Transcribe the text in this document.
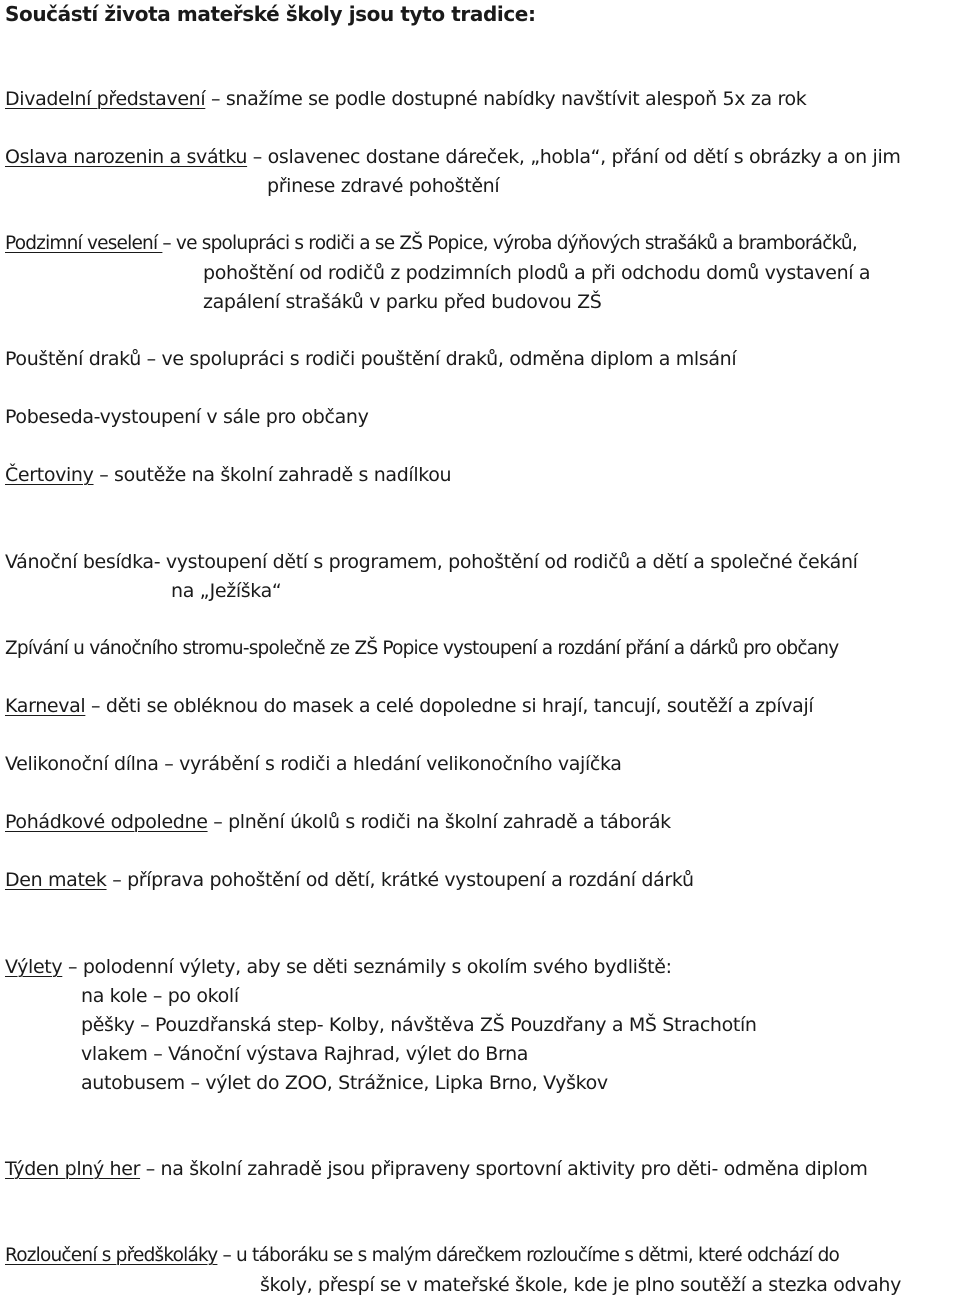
Součástí života mateřské školy jsou tyto tradice:

Divadelní představení – snažíme se podle dostupné nabídky navštívit alespoň 5x za rok

Oslava narozenin a svátku – oslavenec dostane dáreček, „hobla“, přání od dětí s obrázky a on jim

přinese zdravé pohoštění

Podzimní veselení – ve spolupráci s rodiči a se ZŠ Popice, výroba dýňových strašáků a bramboráčků,

pohoštění od rodičů z podzimních plodů a při odchodu domů vystavení a

zapálení strašáků v parku před budovou ZŠ

Pouštění draků – ve spolupráci s rodiči pouštění draků, odměna diplom a mlsání

Pobeseda-vystoupení v sále pro občany

Čertoviny – soutěže na školní zahradě s nadílkou

Vánoční besídka- vystoupení dětí s programem, pohoštění od rodičů a dětí a společné čekání

na „Ježíška“

Zpívání u vánočního stromu-společně ze ZŠ Popice vystoupení a rozdání přání a dárků pro občany

Karneval – děti se obléknou do masek a celé dopoledne si hrají, tancují, soutěží a zpívají

Velikonoční dílna – vyrábění s rodiči a hledání velikonočního vajíčka

Pohádkové odpoledne – plnění úkolů s rodiči na školní zahradě a táborák

Den matek – příprava pohoštění od dětí, krátké vystoupení a rozdání dárků

Výlety – polodenní výlety, aby se děti seznámily s okolím svého bydliště:

na kole – po okolí

pěšky – Pouzdřanská step- Kolby, návštěva ZŠ Pouzdřany a MŠ Strachotín

vlakem – Vánoční výstava Rajhrad, výlet do Brna

autobusem – výlet do ZOO, Strážnice, Lipka Brno, Vyškov

Týden plný her – na školní zahradě jsou připraveny sportovní aktivity pro děti- odměna diplom

Rozloučení s předškoláky – u táboráku se s malým dárečkem rozloučíme s dětmi, které odchází do

školy, přespí se v mateřské škole, kde je plno soutěží a stezka odvahy
